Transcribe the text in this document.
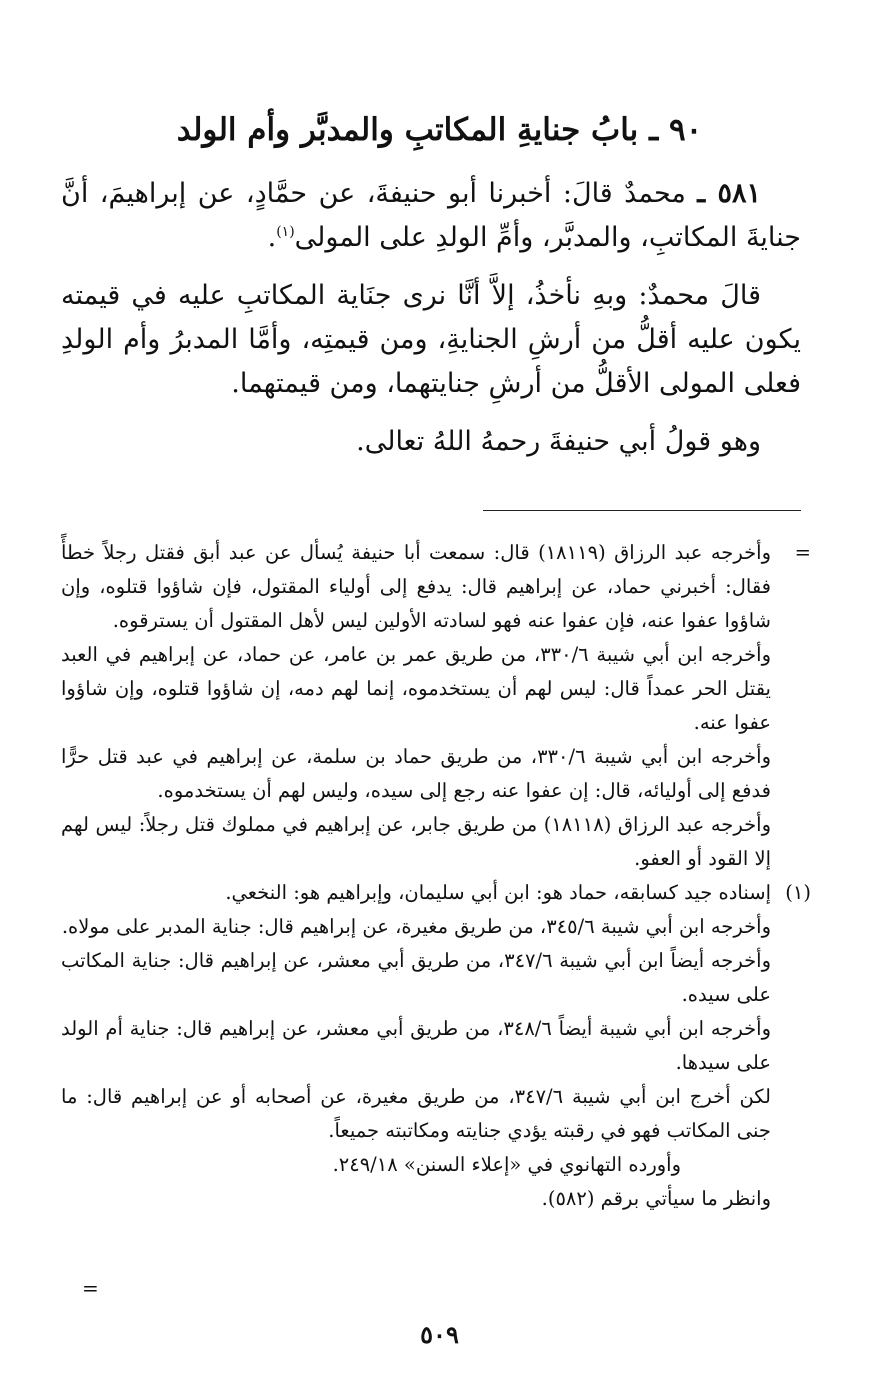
٩٠ ـ بابُ جنايةِ المكاتبِ والمدبَّر وأم الولد

٥٨١ ـ محمدٌ قالَ: أخبرنا أبو حنيفةَ، عن حمَّادٍ، عن إبراهيمَ، أنَّ جنايةَ المكاتبِ، والمدبَّر، وأمِّ الولدِ على المولى$^{(١)}$.

قالَ محمدٌ: وبهِ نأخذُ، إلاَّ أنَّا نرى جنَاية المكاتبِ عليه في قيمته يكون عليه أقلُّ من أرشِ الجنايةِ، ومن قيمتِه، وأمَّا المدبرُ وأم الولدِ فعلى المولى الأقلُّ من أرشِ جنايتهما، ومن قيمتهما.

وهو قولُ أبي حنيفةَ رحمهُ اللهُ تعالى.

=
وأخرجه عبد الرزاق (١٨١١٩) قال: سمعت أبا حنيفة يُسأل عن عبد أبق فقتل رجلاً خطأً فقال: أخبرني حماد، عن إبراهيم قال: يدفع إلى أولياء المقتول، فإن شاؤوا قتلوه، وإن شاؤوا عفوا عنه، فإن عفوا عنه فهو لسادته الأولين ليس لأهل المقتول أن يسترقوه.

وأخرجه ابن أبي شيبة ٣٣٠/٦، من طريق عمر بن عامر، عن حماد، عن إبراهيم في العبد يقتل الحر عمداً قال: ليس لهم أن يستخدموه، إنما لهم دمه، إن شاؤوا قتلوه، وإن شاؤوا عفوا عنه.

وأخرجه ابن أبي شيبة ٣٣٠/٦، من طريق حماد بن سلمة، عن إبراهيم في عبد قتل حرًّا فدفع إلى أوليائه، قال: إن عفوا عنه رجع إلى سيده، وليس لهم أن يستخدموه.

وأخرجه عبد الرزاق (١٨١١٨) من طريق جابر، عن إبراهيم في مملوك قتل رجلاً: ليس لهم إلا القود أو العفو.

(١)
إسناده جيد كسابقه، حماد هو: ابن أبي سليمان، وإبراهيم هو: النخعي.

وأخرجه ابن أبي شيبة ٣٤٥/٦، من طريق مغيرة، عن إبراهيم قال: جناية المدبر على مولاه.

وأخرجه أيضاً ابن أبي شيبة ٣٤٧/٦، من طريق أبي معشر، عن إبراهيم قال: جناية المكاتب على سيده.

وأخرجه ابن أبي شيبة أيضاً ٣٤٨/٦، من طريق أبي معشر، عن إبراهيم قال: جناية أم الولد على سيدها.

لكن أخرج ابن أبي شيبة ٣٤٧/٦، من طريق مغيرة، عن أصحابه أو عن إبراهيم قال: ما جنى المكاتب فهو في رقبته يؤدي جنايته ومكاتبته جميعاً.

وأورده التهانوي في «إعلاء السنن» ٢٤٩/١٨.

وانظر ما سيأتي برقم (٥٨٢).

=
٥٠٩
